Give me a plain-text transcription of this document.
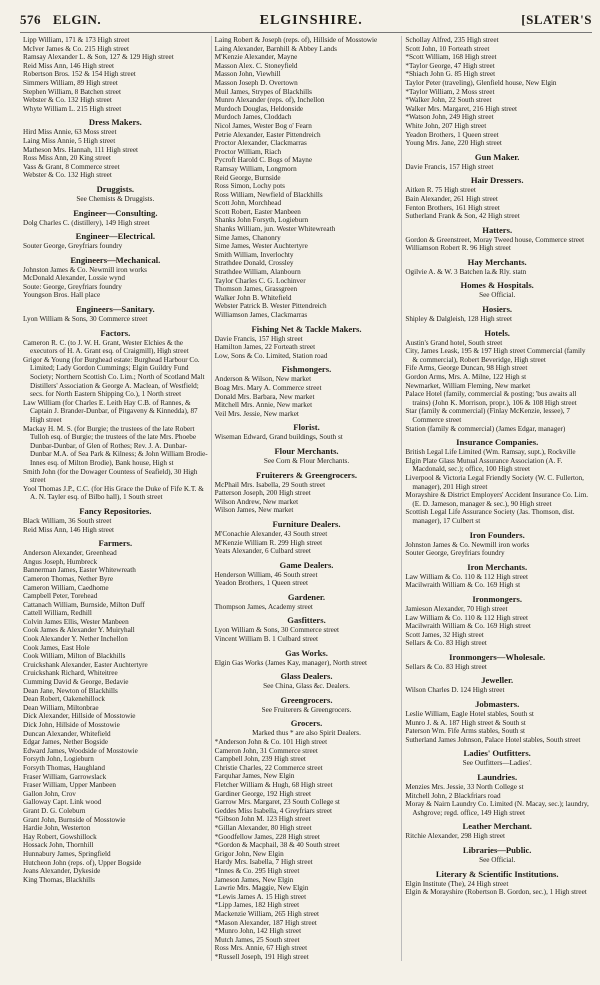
576 ELGIN.	ELGINSHIRE.	[SLATER'S
Lipp William, 171 & 173 High street
McIver James & Co. 215 High street
Ramsay Alexander L. & Son, 127 & 129 High street
Reid Miss Ann, 146 High street
Robertson Bros. 152 & 154 High street
Simmers William, 89 High street
Stephen William, 8 Batchen street
Webster & Co. 132 High street
Whyte William L. 215 High street
Dress Makers.
Hird Miss Annie, 63 Moss street
Laing Miss Annie, 5 High street
Matheson Mrs. Hannah, 111 High street
Ross Miss Ann, 20 King street
Vass & Grant, 8 Commerce street
Webster & Co. 132 High street
Druggists.
See Chemists & Druggists.
Engineer—Consulting.
Dolg Charles C. (distillery), 149 High street
Engineer—Electrical.
Souter George, Greyfriars foundry
Engineers—Mechanical.
Johnston James & Co. Newmill iron works
McDonald Alexander, Lossie wynd
Soute: George, Greyfriars foundry
Youngson Bros. Hall place
Engineers—Sanitary.
Lyon William & Sons, 30 Commerce street
Factors.
Cameron R. C. (to J. W. H. Grant, Wester Elchies & the executors of H. A. Grant esq. of Craigmill), High street
Grigor & Young (for Burghead estate: Burghead Harbour Co. Limited; Lady Gordon Cummings; Elgin Guildry Fund Society; Northern Scottish Co. Lim.; North of Scotland Malt Distillers' Association & George A. Maclean, of Westfield; secs. for North Eastern Shipping Co.), 1 North street
Law William (for Charles E. Leith Hay C.B. of Rannes, & Captain J. Brander-Dunbar, of Pitgaveny & Kinnedda), 87 High street
Mackay H. M. S. (for Burgie; the trustees of the late Robert Tulloh esq. of Burgie; the trustees of the late Mrs. Phoebe Dunbar-Dunbar, of Glen of Rothes; Rev. J. A. Dunbar-Dunbar M.A. of Sea Park & Kilness; & John William Brodie-Innes esq. of Milton Brodie), Bank house, High st
Smith John (for the Dowager Countess of Seafield), 30 High street
Yool Thomas J.P., C.C. (for His Grace the Duke of Fife K.T. & A. N. Tayler esq. of Bilbo hall), 1 South street
Fancy Repositories.
Black William, 36 South street
Reid Miss Ann, 146 High street
Farmers.
Anderson Alexander, Greenhead
Angus Joseph, Humbreck
Bannerman James, Easter Whitewreath
Cameron Thomas, Nether Byre
Cameron William, Caedhome
Campbell Peter, Torehead
Cattanach William, Burnside, Milton Duff
Cattell William, Redhill
Colvin James Ellis, Wester Manbeen
Cook James & Alexander Y. Muiryhall
Cook Alexander Y. Nether Inchellon
Cook James, East Hole
Cook William, Milton of Blackhills
Cruickshank Alexander, Easter Auchtertyre
Cruickshank Richard, Whiteitree
Cumming David & George, Bedavie
Dean Jane, Newton of Blackhills
Dean Robert, Oakenehillock
Dean William, Miltonbrae
Dick Alexander, Hillside of Mosstowie
Dick John, Hillside of Mosstowie
Duncan Alexander, Whitefield
Edgar James, Nether Bogside
Edward James, Woodside of Mosstowie
Forsyth John, Logiebur​n
Forsyth Thomas, Haughland
Fraser William, Garrowslack
Fraser William, Upper Manbeen
Gallon John, Crov
Galloway Capt. Link wood
Grant D. G. Coleburn
Grant John, Burnside of Mosstowie
Hardie John, Westerton
Hay Robert, Gowshillock
Hossack John, Thornhill
Hunnabury James, Springfield
Hutcheon John (reps. of), Upper Bogside
Jeans Alexander, Dykeside
King Thomas, Blackhills
Laing Robert & Joseph (reps. of), Hillside of Mosstowie
Laing Alexander, Barnhill & Abbey Lands
M'Kenzie Alexander, Mayne
Masson Alex. C. Stoneyfield
Masson John, Viewhill
Masson Joseph D. Overtown
Muil James, Strypes of Blackhills
Munro Alexander (reps. of), Inchellon
Murdoch Douglas, Heldonside
Murdoch James, Cloddach
Nicol James, Wester Bog o' Fearn
Petrie Alexander, Easter Pittendreich
Proctor Alexander, Clackmarras
Proctor William, Riach
Pycroft Harold C. Bogs of Mayne
Ramsay William, Longmorn
Reid George, Burnside
Ross Simon, Lochy pots
Ross William, Newfield of Blackhills
Scott John, Morchhead
Scott Robert, Easter Manbeen
Shanks John Forsyth, Logieburn
Shanks William, jun. Wester Whitewreath
Sime James, Chanonry
Sime James, Wester Auchtertyre
Smith William, Inverlochty
Strathdee Donald, Crossley
Strathdee William, Alanbourn
Taylor Charles C. G. Lochinver
Thomson James, Grassgreen
Walker John B. Whitefield
Webster Patrick B. Wester Pittendreich
Williamson James, Clackmarras
Fishing Net & Tackle Makers.
Davie Francis, 157 High street
Hamilton James, 22 Forteath street
Low, Sons & Co. Limited, Station road
Fishmongers.
Anderson & Wilson, New market
Boag Mrs. Mary A. Commerce street
Donald Mrs. Barbara, New market
Mitchell Mrs. Annie, New market
Veil Mrs. Jessie, New market
Florist.
Wiseman Edward, Grand buildings, South st
Flour Merchants.
See Corn & Flour Merchants.
Fruiterers & Greengrocers.
McPhail Mrs. Isabella, 29 South street
Patterson Joseph, 200 High street
Wilson Andrew, New market
Wilson James, New market
Furniture Dealers.
M'Conachie Alexander, 43 South street
M'Kenzie William R. 299 High street
Yeats Alexander, 6 Culbard street
Game Dealers.
Henderson William, 46 South street
Yeadon Brothers, 1 Queen street
Gardener.
Thompson James, Academy street
Gasfitters.
Lyon William & Sons, 30 Commerce street
Vincent William B. 1 Culbard street
Gas Works.
Elgin Gas Works (James Kay, manager), North street
Glass Dealers.
See China, Glass &c. Dealers.
Greengrocers.
See Fruiterers & Greengrocers.
Grocers.
Marked thus * are also Spirit Dealers.
*Anderson John & Co. 101 High street
Cameron John, 31 Commerce street
Campbell John, 239 High street
Christie Charles, 22 Commerce street
Farquhar James, New Elgin
Fletcher William & Hugh, 68 High street
Gardiner George, 192 High street
Garrow Mrs. Margaret, 23 South College st
Geddes Miss Isabella, 4 Greyfriars street
*Gibson John M. 123 High street
*Gillan Alexander, 80 High street
*Goodfellow James, 228 High street
*Gordon & Macphail, 38 & 40 South street
Grigor John, New Elgin
Hardy Mrs. Isabella, 7 High street
*Innes & Co. 295 High street
Jameson James, New Elgin
Lawrie Mrs. Maggie, New Elgin
*Lewis James A. 15 High street
*Lipp James, 182 High street
Mackenzie William, 265 High street
*Mason Alexander, 187 High street
*Munro John, 142 High street
Mutch James, 25 South street
Ross Mrs. Annie, 67 High street
*Russell Joseph, 191 High street
Schollay Alfred, 235 High street
Scott John, 10 Forteath street
*Scott William, 168 High street
*Taylor George, 47 High street
*Shiach John G. 85 High street
Taylor Peter (traveling), Glenfield house, New Elgin
*Taylor William, 2 Moss street
*Walker John, 22 South street
Walker Mrs. Margaret, 216 High street
*Watson John, 249 High street
White John, 207 High street
Yeadon Brothers, 1 Queen street
Young Mrs. Jane, 220 High street
Gun Maker.
Davie Francis, 157 High street
Hair Dressers.
Aitken R. 75 High street
Bain Alexander, 261 High street
Fenton Brothers, 161 High street
Sutherland Frank & Son, 42 High street
Hatters.
Gordon & Greenstreet, Moray Tweed house, Commerce street
Williamson Robert R. 96 High street
Hay Merchants.
Ogilvie A. & W. 3 Batchen la.& Rly. statn
Homes & Hospitals.
See Official.
Hosiers.
Shipley & Dalgleish, 128 High street
Hotels.
Austin's Grand hotel, South street
City, James Leask, 195 & 197 High street Commercial (family & commercial), Robert Beveridge, High street
Fife Arms, George Duncan, 98 High street
Gordon Arms, Mrs. A. Milne, 122 High st
Newmarket, William Fleming, New market
Palace Hotel (family, commercial & posting; 'bus awaits all trains) (John K. Morrison, propr.), 106 & 108 High street
Star (family & commercial) (Finlay McKenzie, lessee), 7 Commerce street
Station (family & commercial) (James Edgar, manager)
Insurance Companies.
British Legal Life Limited (Wm. Ramsay, supt.), Rockville
Elgin Plate Glass Mutual Assurance Association (A. F. Macdonald, sec.); office, 100 High street
Liverpool & Victoria Legal Friendly Society (W. C. Fullerton, manager), 201 High street
Morayshire & District Employers' Accident Insurance Co. Lim. (E. D. Jameson, manager & sec.), 90 High street
Scottish Legal Life Assurance Society (Jas. Thomson, dist. manager), 17 Culbert st
Iron Founders.
Johnston James & Co. Newmill iron works
Souter George, Greyfriars foundry
Iron Merchants.
Law William & Co. 110 & 112 High street
Macilwraith William & Co. 169 High st
Ironmongers.
Jamieson Alexander, 70 High street
Law William & Co. 110 & 112 High street
Macilwraith William & Co. 169 High street
Scott James, 32 High street
Sellars & Co. 83 High street
Ironmongers—Wholesale.
Sellars & Co. 83 High street
Jeweller.
Wilson Charles D. 124 High street
Jobmasters.
Leslie William, Eagle Hotel stables, South st
Munro J. & A. 187 High street & South st
Paterson Wm. Fife Arms stables, South st
Sutherland James Johnson, Palace Hotel stables, South street
Ladies' Outfitters.
See Outfitters—Ladies'.
Laundries.
Menzies Mrs. Jessie, 33 North College st
Mitchell John, 2 Blackfriars road
Moray & Nairn Laundry Co. Limited (N. Macay, sec.); laundry, Ashgrove; regd. office, 149 High street
Leather Merchant.
Ritchie Alexander, 298 High street
Libraries—Public.
See Official.
Literary & Scientific Institutions.
Elgin Institute (The), 24 High street
Elgin & Morayshire (Robertson B. Gordon, sec.), 1 High street
